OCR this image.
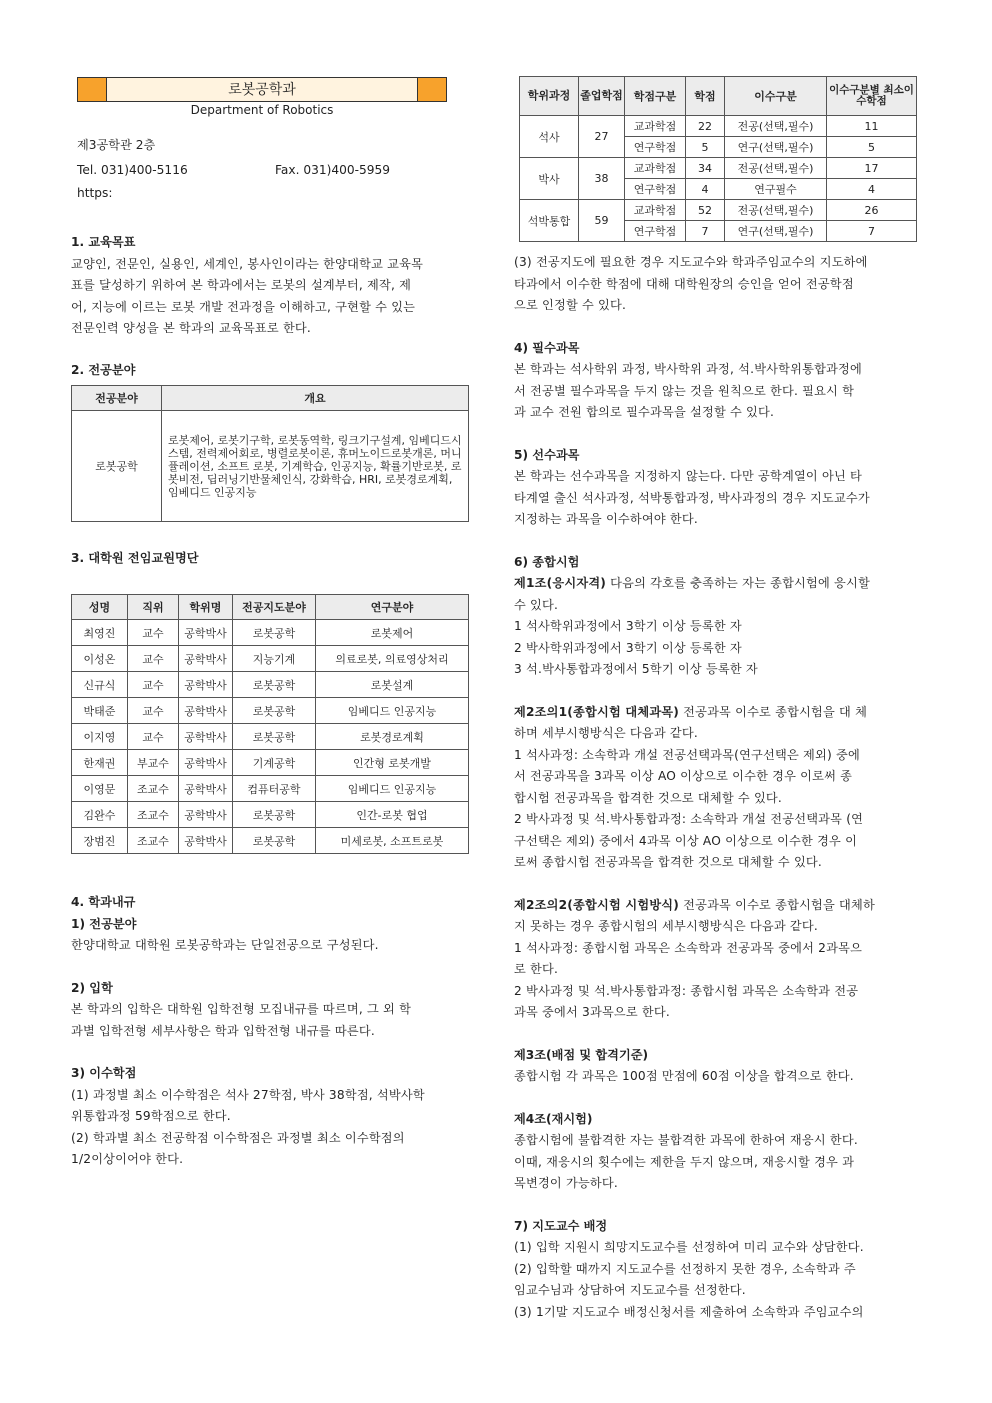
로봇공학과
Department of Robotics
제3공학관 2층
Tel. 031)400-5116	Fax. 031)400-5959
https:

1. 교육목표

교양인, 전문인, 실용인, 세계인, 봉사인이라는 한양대학교 교육목

표를 달성하기 위하여 본 학과에서는 로봇의 설계부터, 제작, 제

어, 지능에 이르는 로봇 개발 전과정을 이해하고, 구현할 수 있는

전문인력 양성을 본 학과의 교육목표로 한다.

2. 전공분야

전공분야	개요
로봇공학	로봇제어, 로봇기구학, 로봇동역학, 링크기구설계, 임베디드시스템, 전력제어회로, 병렬로봇이론, 휴머노이드로봇개론, 머니퓰레이션, 소프트 로봇, 기계학습, 인공지능, 확률기반로봇, 로봇비전, 딥러닝기반물체인식, 강화학습, HRI, 로봇경로계획, 임베디드 인공지능

3. 대학원 전임교원명단

성명	직위	학위명	전공지도분야	연구분야
최영진	교수	공학박사	로봇공학	로봇제어
이성온	교수	공학박사	지능기계	의료로봇, 의료영상처리
신규식	교수	공학박사	로봇공학	로봇설계
박태준	교수	공학박사	로봇공학	임베디드 인공지능
이지영	교수	공학박사	로봇공학	로봇경로계획
한재권	부교수	공학박사	기계공학	인간형 로봇개발
이영문	조교수	공학박사	컴퓨터공학	임베디드 인공지능
김완수	조교수	공학박사	로봇공학	인간-로봇 협업
장범진	조교수	공학박사	로봇공학	미세로봇, 소프트로봇

4. 학과내규

1) 전공분야

한양대학교 대학원 로봇공학과는 단일전공으로 구성된다.

2) 입학

본 학과의 입학은 대학원 입학전형 모집내규를 따르며, 그 외 학

과별 입학전형 세부사항은 학과 입학전형 내규를 따른다.

3) 이수학점

(1) 과정별 최소 이수학점은 석사 27학점, 박사 38학점, 석박사학

위통합과정 59학점으로 한다.

(2) 학과별 최소 전공학점 이수학점은 과정별 최소 이수학점의

1/2이상이어야 한다.

학위과정	졸업학점	학점구분	학점	이수구분	이수구분별 최소이수학점
석사	27	교과학점	22	전공(선택,필수)	11
		연구학점	5	연구(선택,필수)	5
박사	38	교과학점	34	전공(선택,필수)	17
		연구학점	4	연구필수	4
석박통합	59	교과학점	52	전공(선택,필수)	26
		연구학점	7	연구(선택,필수)	7

(3) 전공지도에 필요한 경우 지도교수와 학과주임교수의 지도하에

타과에서 이수한 학점에 대해 대학원장의 승인을 얻어 전공학점

으로 인정할 수 있다.

4) 필수과목

본 학과는 석사학위 과정, 박사학위 과정, 석.박사학위통합과정에

서 전공별 필수과목을 두지 않는 것을 원칙으로 한다. 필요시 학

과 교수 전원 합의로 필수과목을 설정할 수 있다.

5) 선수과목

본 학과는 선수과목을 지정하지 않는다. 다만 공학계열이 아닌 타

타계열 출신 석사과정, 석박통합과정, 박사과정의 경우 지도교수가

지정하는 과목을 이수하여야 한다.

6) 종합시험

제1조(응시자격) 다음의 각호를 충족하는 자는 종합시험에 응시할

수 있다.

1 석사학위과정에서 3학기 이상 등록한 자

2 박사학위과정에서 3학기 이상 등록한 자

3 석.박사통합과정에서 5학기 이상 등록한 자

제2조의1(종합시험 대체과목) 전공과목 이수로 종합시험을 대 체

하며 세부시행방식은 다음과 같다.

1 석사과정: 소속학과 개설 전공선택과목(연구선택은 제외) 중에

서 전공과목을 3과목 이상 AO 이상으로 이수한 경우 이로써 종

합시험 전공과목을 합격한 것으로 대체할 수 있다.

2 박사과정 및 석.박사통합과정: 소속학과 개설 전공선택과목 (연

구선택은 제외) 중에서 4과목 이상 AO 이상으로 이수한 경우 이

로써 종합시험 전공과목을 합격한 것으로 대체할 수 있다.

제2조의2(종합시험 시험방식) 전공과목 이수로 종합시험을 대체하

지 못하는 경우 종합시험의 세부시행방식은 다음과 같다.

1 석사과정: 종합시험 과목은 소속학과 전공과목 중에서 2과목으

로 한다.

2 박사과정 및 석.박사통합과정: 종합시험 과목은 소속학과 전공

과목 중에서 3과목으로 한다.

제3조(배점 및 합격기준)

종합시험 각 과목은 100점 만점에 60점 이상을 합격으로 한다.

제4조(재시험)

종합시험에 불합격한 자는 불합격한 과목에 한하여 재응시 한다.

이때, 재응시의 횟수에는 제한을 두지 않으며, 재응시할 경우 과

목변경이 가능하다.

7) 지도교수 배정

(1) 입학 지원시 희망지도교수를 선정하여 미리 교수와 상담한다.

(2) 입학할 때까지 지도교수를 선정하지 못한 경우, 소속학과 주

임교수님과 상담하여 지도교수를 선정한다.

(3) 1기말 지도교수 배정신청서를 제출하여 소속학과 주임교수의
